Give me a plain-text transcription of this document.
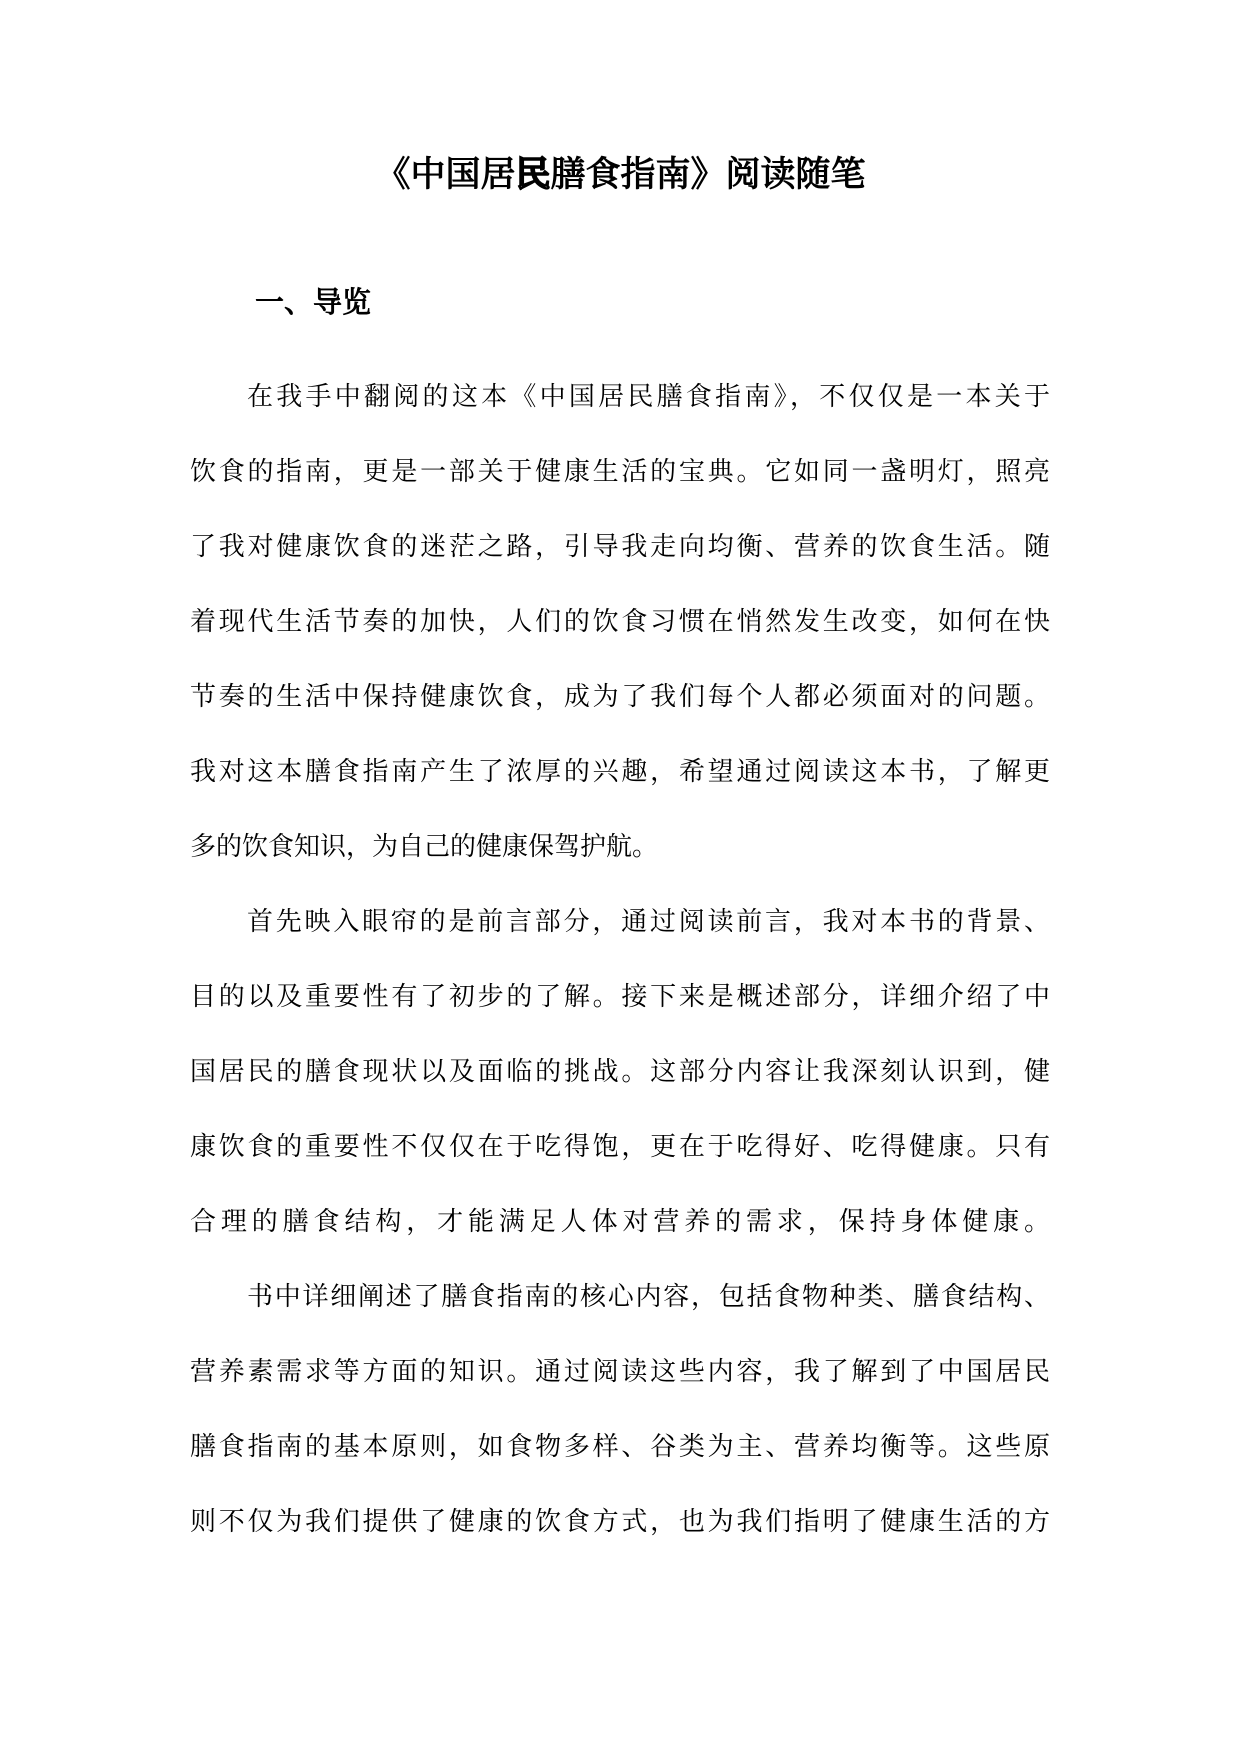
《中国居民膳食指南》阅读随笔
一、导览
在我手中翻阅的这本《中国居民膳食指南》，不仅仅是一本关于
饮食的指南，更是一部关于健康生活的宝典。它如同一盏明灯，照亮
了我对健康饮食的迷茫之路，引导我走向均衡、营养的饮食生活。随
着现代生活节奏的加快，人们的饮食习惯在悄然发生改变，如何在快
节奏的生活中保持健康饮食，成为了我们每个人都必须面对的问题。
我对这本膳食指南产生了浓厚的兴趣，希望通过阅读这本书，了解更
多的饮食知识，为自己的健康保驾护航。
首先映入眼帘的是前言部分，通过阅读前言，我对本书的背景、
目的以及重要性有了初步的了解。接下来是概述部分，详细介绍了中
国居民的膳食现状以及面临的挑战。这部分内容让我深刻认识到，健
康饮食的重要性不仅仅在于吃得饱，更在于吃得好、吃得健康。只有
合理的膳食结构，才能满足人体对营养的需求，保持身体健康。
书中详细阐述了膳食指南的核心内容，包括食物种类、膳食结构、
营养素需求等方面的知识。通过阅读这些内容，我了解到了中国居民
膳食指南的基本原则，如食物多样、谷类为主、营养均衡等。这些原
则不仅为我们提供了健康的饮食方式，也为我们指明了健康生活的方
